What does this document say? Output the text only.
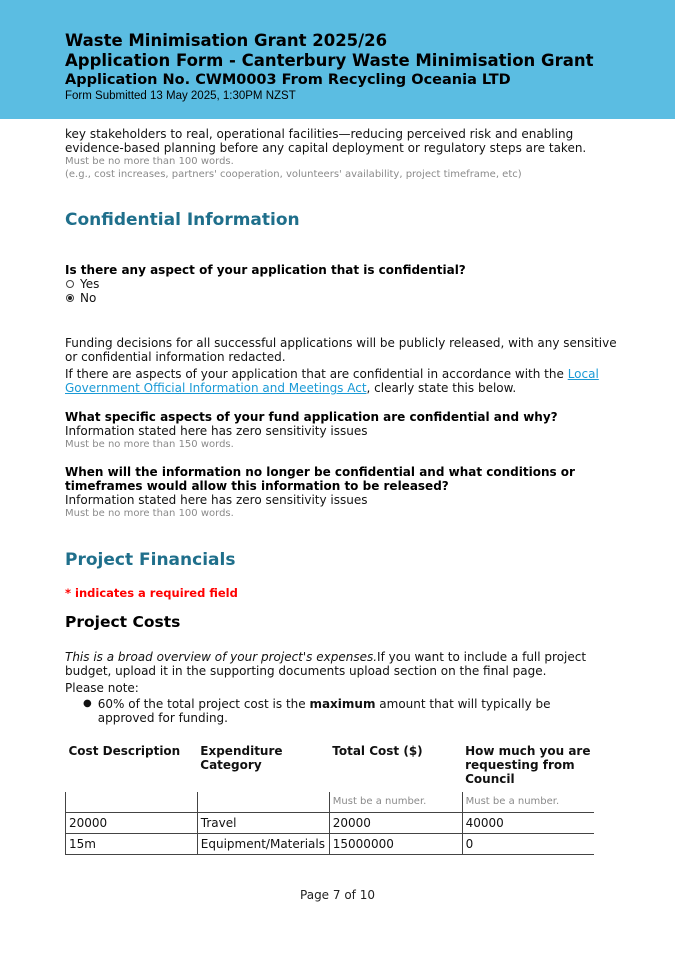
Waste Minimisation Grant 2025/26
Application Form - Canterbury Waste Minimisation Grant
Application No. CWM0003 From Recycling Oceania LTD
Form Submitted 13 May 2025, 1:30PM NZST
key stakeholders to real, operational facilities—reducing perceived risk and enabling
evidence-based planning before any capital deployment or regulatory steps are taken.
Must be no more than 100 words.
(e.g., cost increases, partners' cooperation, volunteers' availability, project timeframe, etc)
Confidential Information
Is there any aspect of your application that is confidential?
Yes
No
Funding decisions for all successful applications will be publicly released, with any sensitive
or confidential information redacted.
If there are aspects of your application that are confidential in accordance with the Local
Government Official Information and Meetings Act, clearly state this below.
What specific aspects of your fund application are confidential and why?
Information stated here has zero sensitivity issues
Must be no more than 150 words.
When will the information no longer be confidential and what conditions or
timeframes would allow this information to be released?
Information stated here has zero sensitivity issues
Must be no more than 100 words.
Project Financials
* indicates a required field
Project Costs
This is a broad overview of your project's expenses.If you want to include a full project
budget, upload it in the supporting documents upload section on the final page.
Please note:
● 60% of the total project cost is the maximum amount that will typically be approved for funding.
Cost Description	Expenditure Category	Total Cost ($)	How much you are requesting from Council
		Must be a number.	Must be a number.
20000	Travel	20000	40000
15m	Equipment/Materials	15000000	0
Page 7 of 10
